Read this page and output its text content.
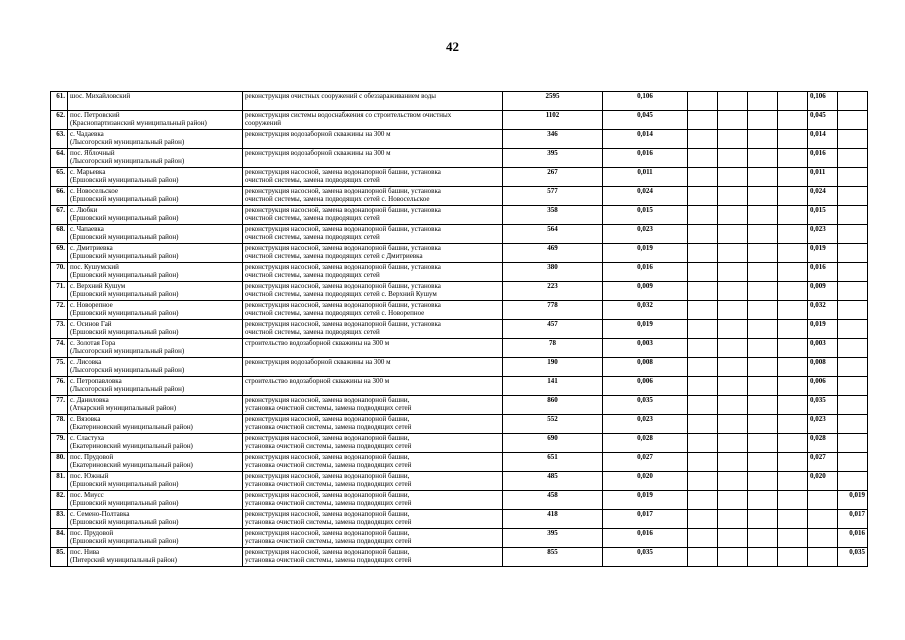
42
61.	шос. Михайловский	реконструкция очистных сооружений с обеззараживанием воды	2595	0,106					0,106	
62.	пос. Петровский
(Краснопартизанский муниципальный район)	реконструкция системы водоснабжения со строительством очистных
сооружений	1102	0,045					0,045	
63.	с. Чадаевка
(Лысогорский муниципальный район)	реконструкция водозаборной скважины на 300 м	346	0,014					0,014	
64.	пос. Яблочный
(Лысогорский муниципальный район)	реконструкция водозаборной скважины на 300 м	395	0,016					0,016	
65.	с. Марьевка
(Ершовский муниципальный район)	реконструкция насосной, замена водонапорной башни, установка
очистной системы, замена подводящих сетей	267	0,011					0,011	
66.	с. Новосельское
(Ершовский муниципальный район)	реконструкция насосной, замена водонапорной башни, установка
очистной системы, замена подводящих сетей с. Новосельское	577	0,024					0,024	
67.	с. Любки
(Ершовский муниципальный район)	реконструкция насосной, замена водонапорной башни, установка
очистной системы, замена подводящих сетей	358	0,015					0,015	
68.	с. Чапаевка
(Ершовский муниципальный район)	реконструкция насосной, замена водонапорной башни, установка
очистной системы, замена подводящих сетей	564	0,023					0,023	
69.	с. Дмитриевка
(Ершовский муниципальный район)	реконструкция насосной, замена водонапорной башни, установка
очистной системы, замена подводящих сетей с Дмитриевка	469	0,019					0,019	
70.	пос. Кушумский
(Ершовский муниципальный район)	реконструкция насосной, замена водонапорной башни, установка
очистной системы, замена подводящих сетей	380	0,016					0,016	
71.	с. Верхний Кушум
(Ершовский муниципальный район)	реконструкция насосной, замена водонапорной башни, установка
очистной системы, замена подводящих сетей с. Верхний Кушум	223	0,009					0,009	
72.	с. Новорепное
(Ершовский муниципальный район)	реконструкция насосной, замена водонапорной башни, установка
очистной системы, замена подводящих сетей с. Новорепное	778	0,032					0,032	
73.	с. Осинов Гай
(Ершовский муниципальный район)	реконструкция насосной, замена водонапорной башни, установка
очистной системы, замена подводящих сетей	457	0,019					0,019	
74.	с. Золотая Гора
(Лысогорский муниципальный район)	строительство водозаборной скважины на 300 м	78	0,003					0,003	
75.	с. Лиcовка
(Лысогорский муниципальный район)	реконструкция водозаборной скважины на 300 м	190	0,008					0,008	
76.	с. Петропавловка
(Лысогорский муниципальный район)	строительство водозаборной скважины на 300 м	141	0,006					0,006	
77.	с. Даниловка
(Аткарский муниципальный район)	реконструкция насосной, замена водонапорной башни,
установка очистной системы, замена подводящих сетей	860	0,035					0,035	
78.	с. Вязовка
(Екатериновский муниципальный район)	реконструкция насосной, замена водонапорной башни,
установка очистной системы, замена подводящих сетей	552	0,023					0,023	
79.	с. Сластуха
(Екатериновский муниципальный район)	реконструкция насосной, замена водонапорной башни,
установка очистной системы, замена подводящих сетей	690	0,028					0,028	
80.	пос. Прудовой
(Екатериновский муниципальный район)	реконструкция насосной, замена водонапорной башни,
установка очистной системы, замена подводящих сетей	651	0,027					0,027	
81.	пос. Южный
(Ершовский муниципальный район)	реконструкция насосной, замена водонапорной башни,
установка очистной системы, замена подводящих сетей	485	0,020					0,020	
82.	пос. Миусс
(Ершовский муниципальный район)	реконструкция насосной, замена водонапорной башни,
установка очистной системы, замена подводящих сетей	458	0,019						0,019
83.	с. Семено-Полтавка
(Ершовский муниципальный район)	реконструкция насосной, замена водонапорной башни,
установка очистной системы, замена подводящих сетей	418	0,017						0,017
84.	пос. Прудовой
(Ершовский муниципальный район)	реконструкция насосной, замена водонапорной башни,
установка очистной системы, замена подводящих сетей	395	0,016						0,016
85.	пос. Нива
(Питерский муниципальный район)	реконструкция насосной, замена водонапорной башни,
установка очистной системы, замена подводящих сетей	855	0,035						0,035
